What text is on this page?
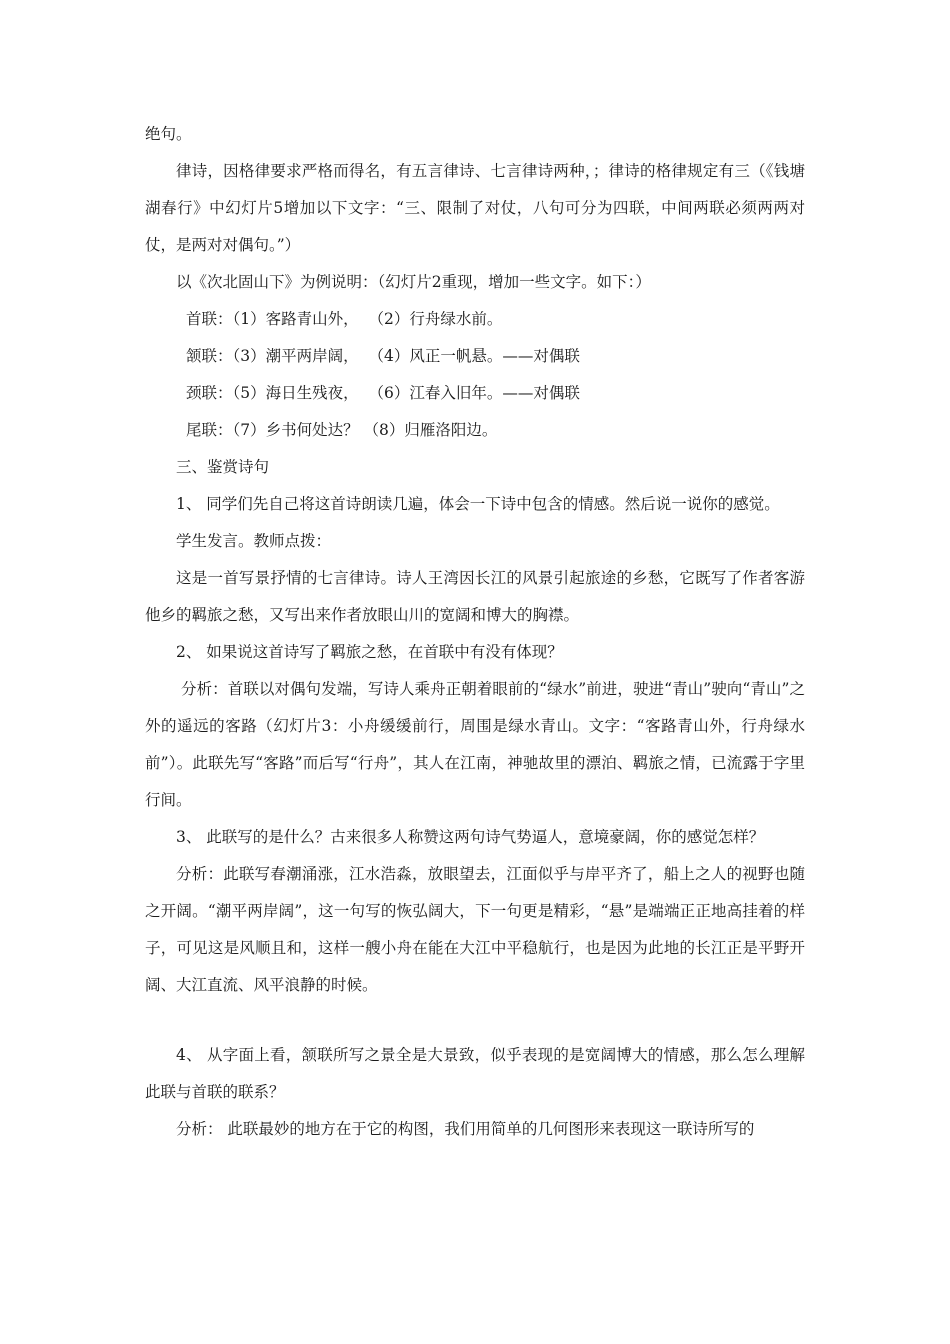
绝句。

律诗，因格律要求严格而得名，有五言律诗、七言律诗两种，；律诗的格律规定有三（《钱塘湖春行》中幻灯片5增加以下文字：“三、限制了对仗，八句可分为四联，中间两联必须两两对仗，是两对对偶句。”）

以《次北固山下》为例说明：（幻灯片2重现，增加一些文字。如下：）

首联：（1）客路青山外，  （2）行舟绿水前。

颔联：（3）潮平两岸阔，  （4）风正一帆悬。——对偶联

颈联：（5）海日生残夜，  （6）江春入旧年。——对偶联

尾联：（7）乡书何处达？ （8）归雁洛阳边。

三、鉴赏诗句

1、 同学们先自己将这首诗朗读几遍，体会一下诗中包含的情感。然后说一说你的感觉。

学生发言。教师点拨：

这是一首写景抒情的七言律诗。诗人王湾因长江的风景引起旅途的乡愁，它既写了作者客游他乡的羁旅之愁，又写出来作者放眼山川的宽阔和博大的胸襟。

2、 如果说这首诗写了羁旅之愁，在首联中有没有体现？

分析：首联以对偶句发端，写诗人乘舟正朝着眼前的“绿水”前进，驶进“青山”驶向“青山”之外的遥远的客路（幻灯片3：小舟缓缓前行，周围是绿水青山。文字：“客路青山外，行舟绿水前”）。此联先写“客路”而后写“行舟”，其人在江南，神驰故里的漂泊、羁旅之情，已流露于字里行间。

3、 此联写的是什么？古来很多人称赞这两句诗气势逼人，意境豪阔，你的感觉怎样？

分析：此联写春潮涌涨，江水浩淼，放眼望去，江面似乎与岸平齐了，船上之人的视野也随之开阔。“潮平两岸阔”，这一句写的恢弘阔大，下一句更是精彩，“悬”是端端正正地高挂着的样子，可见这是风顺且和，这样一艘小舟在能在大江中平稳航行，也是因为此地的长江正是平野开阔、大江直流、风平浪静的时候。

4、 从字面上看，颔联所写之景全是大景致，似乎表现的是宽阔博大的情感，那么怎么理解此联与首联的联系？

分析： 此联最妙的地方在于它的构图，我们用简单的几何图形来表现这一联诗所写的
